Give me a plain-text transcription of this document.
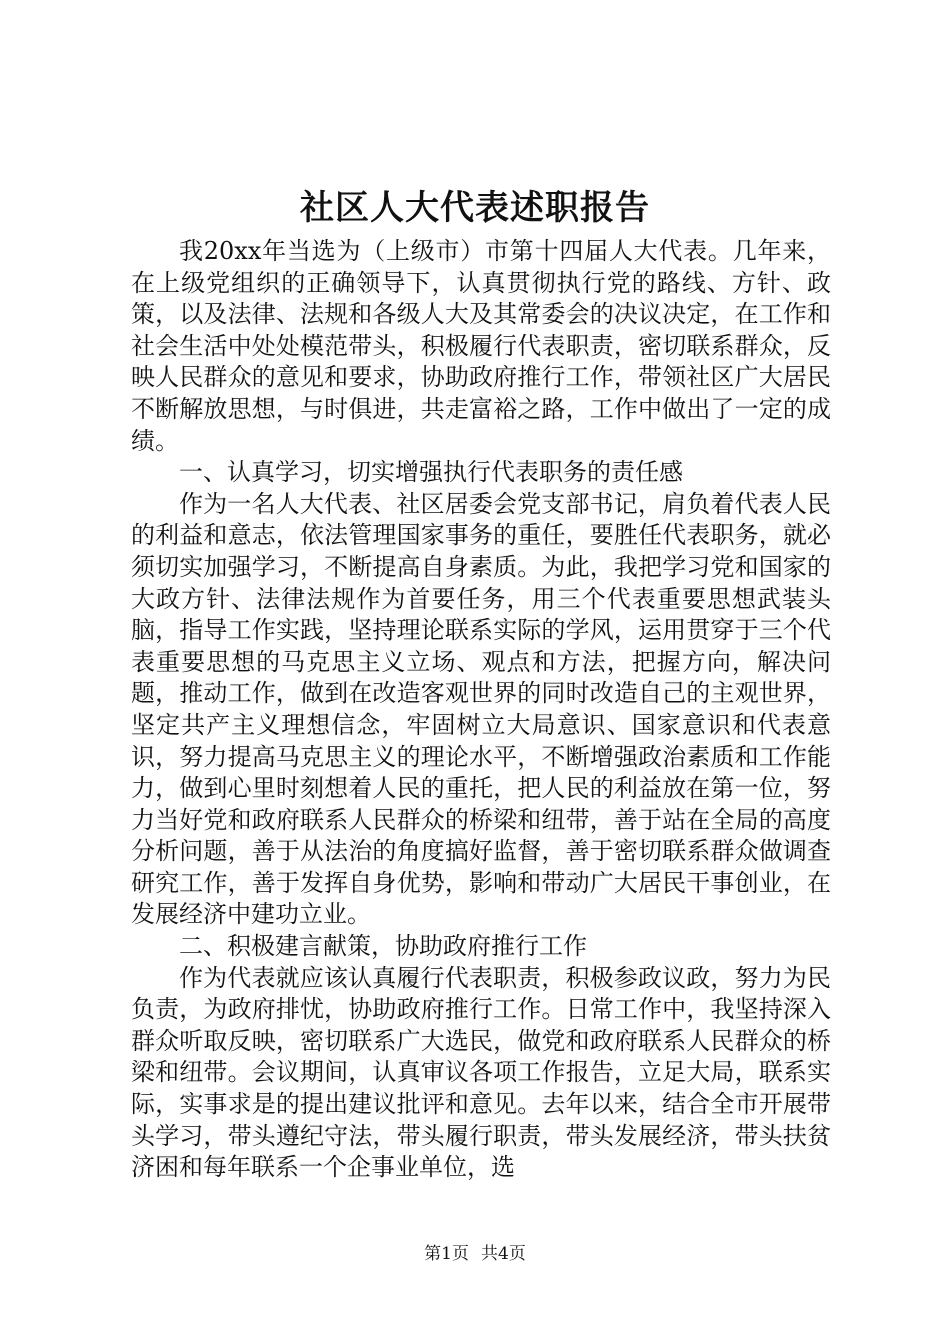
社区人大代表述职报告

我20xx年当选为（上级市）市第十四届人大代表。几年来，在上级党组织的正确领导下，认真贯彻执行党的路线、方针、政策，以及法律、法规和各级人大及其常委会的决议决定，在工作和社会生活中处处模范带头，积极履行代表职责，密切联系群众，反映人民群众的意见和要求，协助政府推行工作，带领社区广大居民不断解放思想，与时俱进，共走富裕之路，工作中做出了一定的成绩。

一、认真学习，切实增强执行代表职务的责任感

作为一名人大代表、社区居委会党支部书记，肩负着代表人民的利益和意志，依法管理国家事务的重任，要胜任代表职务，就必须切实加强学习，不断提高自身素质。为此，我把学习党和国家的大政方针、法律法规作为首要任务，用三个代表重要思想武装头脑，指导工作实践，坚持理论联系实际的学风，运用贯穿于三个代表重要思想的马克思主义立场、观点和方法，把握方向，解决问题，推动工作，做到在改造客观世界的同时改造自己的主观世界，坚定共产主义理想信念，牢固树立大局意识、国家意识和代表意识，努力提高马克思主义的理论水平，不断增强政治素质和工作能力，做到心里时刻想着人民的重托，把人民的利益放在第一位，努力当好党和政府联系人民群众的桥梁和纽带，善于站在全局的高度分析问题，善于从法治的角度搞好监督，善于密切联系群众做调查研究工作，善于发挥自身优势，影响和带动广大居民干事创业，在发展经济中建功立业。

二、积极建言献策，协助政府推行工作

作为代表就应该认真履行代表职责，积极参政议政，努力为民负责，为政府排忧，协助政府推行工作。日常工作中，我坚持深入群众听取反映，密切联系广大选民，做党和政府联系人民群众的桥梁和纽带。会议期间，认真审议各项工作报告，立足大局，联系实际，实事求是的提出建议批评和意见。去年以来，结合全市开展带头学习，带头遵纪守法，带头履行职责，带头发展经济，带头扶贫济困和每年联系一个企事业单位，选

第1页 共4页
